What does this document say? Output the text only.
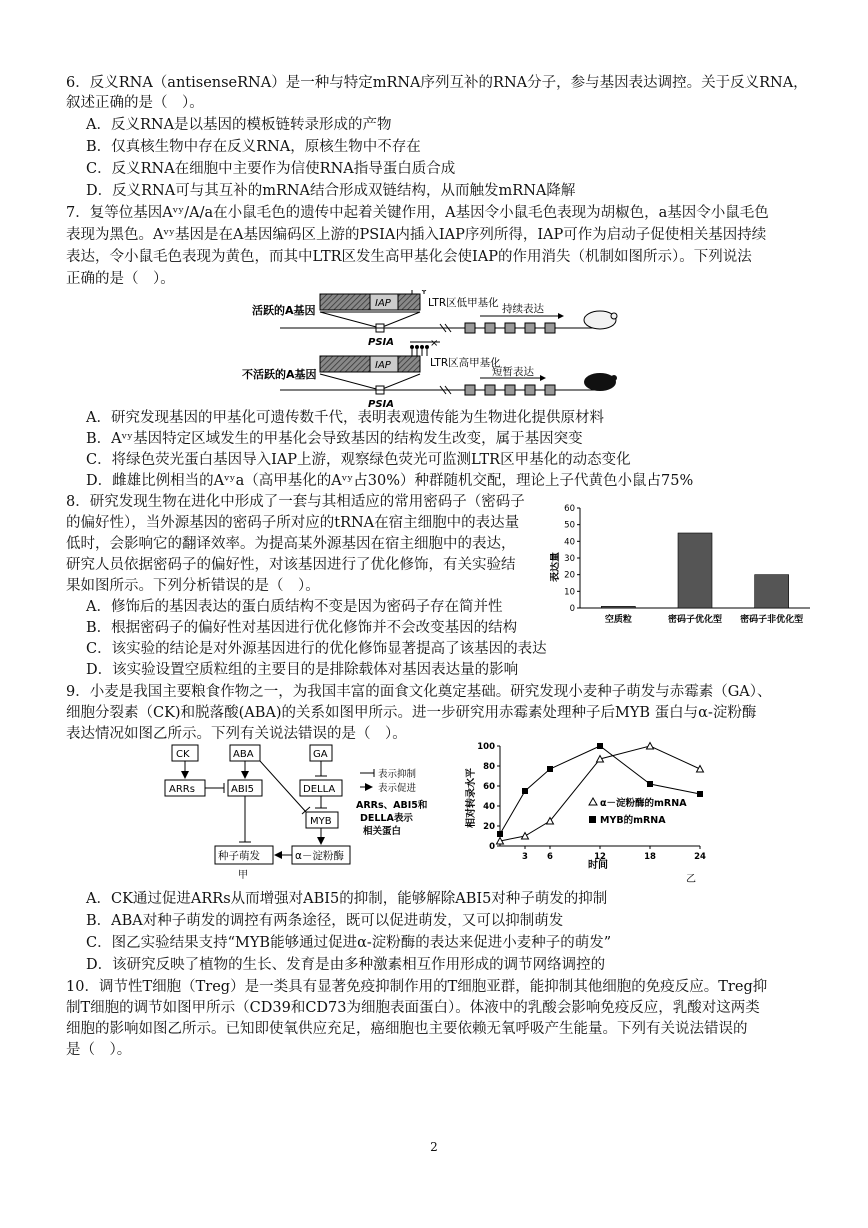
6．反义RNA（antisenseRNA）是一种与特定mRNA序列互补的RNA分子，参与基因表达调控。关于反义RNA，
叙述正确的是（　）。
A．反义RNA是以基因的模板链转录形成的产物
B．仅真核生物中存在反义RNA，原核生物中不存在
C．反义RNA在细胞中主要作为信使RNA指导蛋白质合成
D．反义RNA可与其互补的mRNA结合形成双链结构，从而触发mRNA降解
7．复等位基因Aᵛʸ/A/a在小鼠毛色的遗传中起着关键作用，A基因令小鼠毛色表现为胡椒色，a基因令小鼠毛色
表现为黑色。Aᵛʸ基因是在A基因编码区上游的PSIA内插入IAP序列所得，IAP可作为启动子促使相关基因持续
表达，令小鼠毛色表现为黄色，而其中LTR区发生高甲基化会使IAP的作用消失（机制如图所示）。下列说法
正确的是（　）。
活跃的A基因
IAP
PSIA
LTR区低甲基化 持续表达
不活跃的A基因
IAP
PSIA
×
LTR区高甲基化
短暂表达
A．研究发现基因的甲基化可遗传数千代，表明表观遗传能为生物进化提供原材料
B．Aᵛʸ基因特定区域发生的甲基化会导致基因的结构发生改变，属于基因突变
C．将绿色荧光蛋白基因导入IAP上游，观察绿色荧光可监测LTR区甲基化的动态变化
D．雌雄比例相当的Aᵛʸa（高甲基化的Aᵛʸ占30%）种群随机交配，理论上子代黄色小鼠占75%
8．研究发现生物在进化中形成了一套与其相适应的常用密码子（密码子
的偏好性），当外源基因的密码子所对应的tRNA在宿主细胞中的表达量
低时，会影响它的翻译效率。为提高某外源基因在宿主细胞中的表达，
研究人员依据密码子的偏好性，对该基因进行了优化修饰，有关实验结
果如图所示。下列分析错误的是（　）。
表达量
0
10
20
30
40
50
60
空质粒	密码子优化型 密码子非优化型
A．修饰后的基因表达的蛋白质结构不变是因为密码子存在简并性
B．根据密码子的偏好性对基因进行优化修饰并不会改变基因的结构
C．该实验的结论是对外源基因进行的优化修饰显著提高了该基因的表达
D．该实验设置空质粒组的主要目的是排除载体对基因表达量的影响
9．小麦是我国主要粮食作物之一，为我国丰富的面食文化奠定基础。研究发现小麦种子萌发与赤霉素（GA）、
细胞分裂素（CK)和脱落酸(ABA)的关系如图甲所示。进一步研究用赤霉素处理种子后MYB 蛋白与α-淀粉酶
表达情况如图乙所示。下列有关说法错误的是（　）。
CK	ABA	GA
ARRs	ABI5	DELLA
MYB
种子萌发	α－淀粉酶
甲
表示抑制
表示促进
ARRs、ABI5和
DELLA表示
相关蛋白
相对转录水平
0
20
40
60
80
100
3 6	12	18	24
时间
乙
α－淀粉酶的mRNA
MYB的mRNA
A．CK通过促进ARRs从而增强对ABI5的抑制，能够解除ABI5对种子萌发的抑制
B．ABA对种子萌发的调控有两条途径，既可以促进萌发，又可以抑制萌发
C．图乙实验结果支持“MYB能够通过促进α-淀粉酶的表达来促进小麦种子的萌发”
D．该研究反映了植物的生长、发育是由多种激素相互作用形成的调节网络调控的
10．调节性T细胞（Treg）是一类具有显著免疫抑制作用的T细胞亚群，能抑制其他细胞的免疫反应。Treg抑
制T细胞的调节如图甲所示（CD39和CD73为细胞表面蛋白）。体液中的乳酸会影响免疫反应，乳酸对这两类
细胞的影响如图乙所示。已知即使氧供应充足，癌细胞也主要依赖无氧呼吸产生能量。下列有关说法错误的
是（　）。
2
